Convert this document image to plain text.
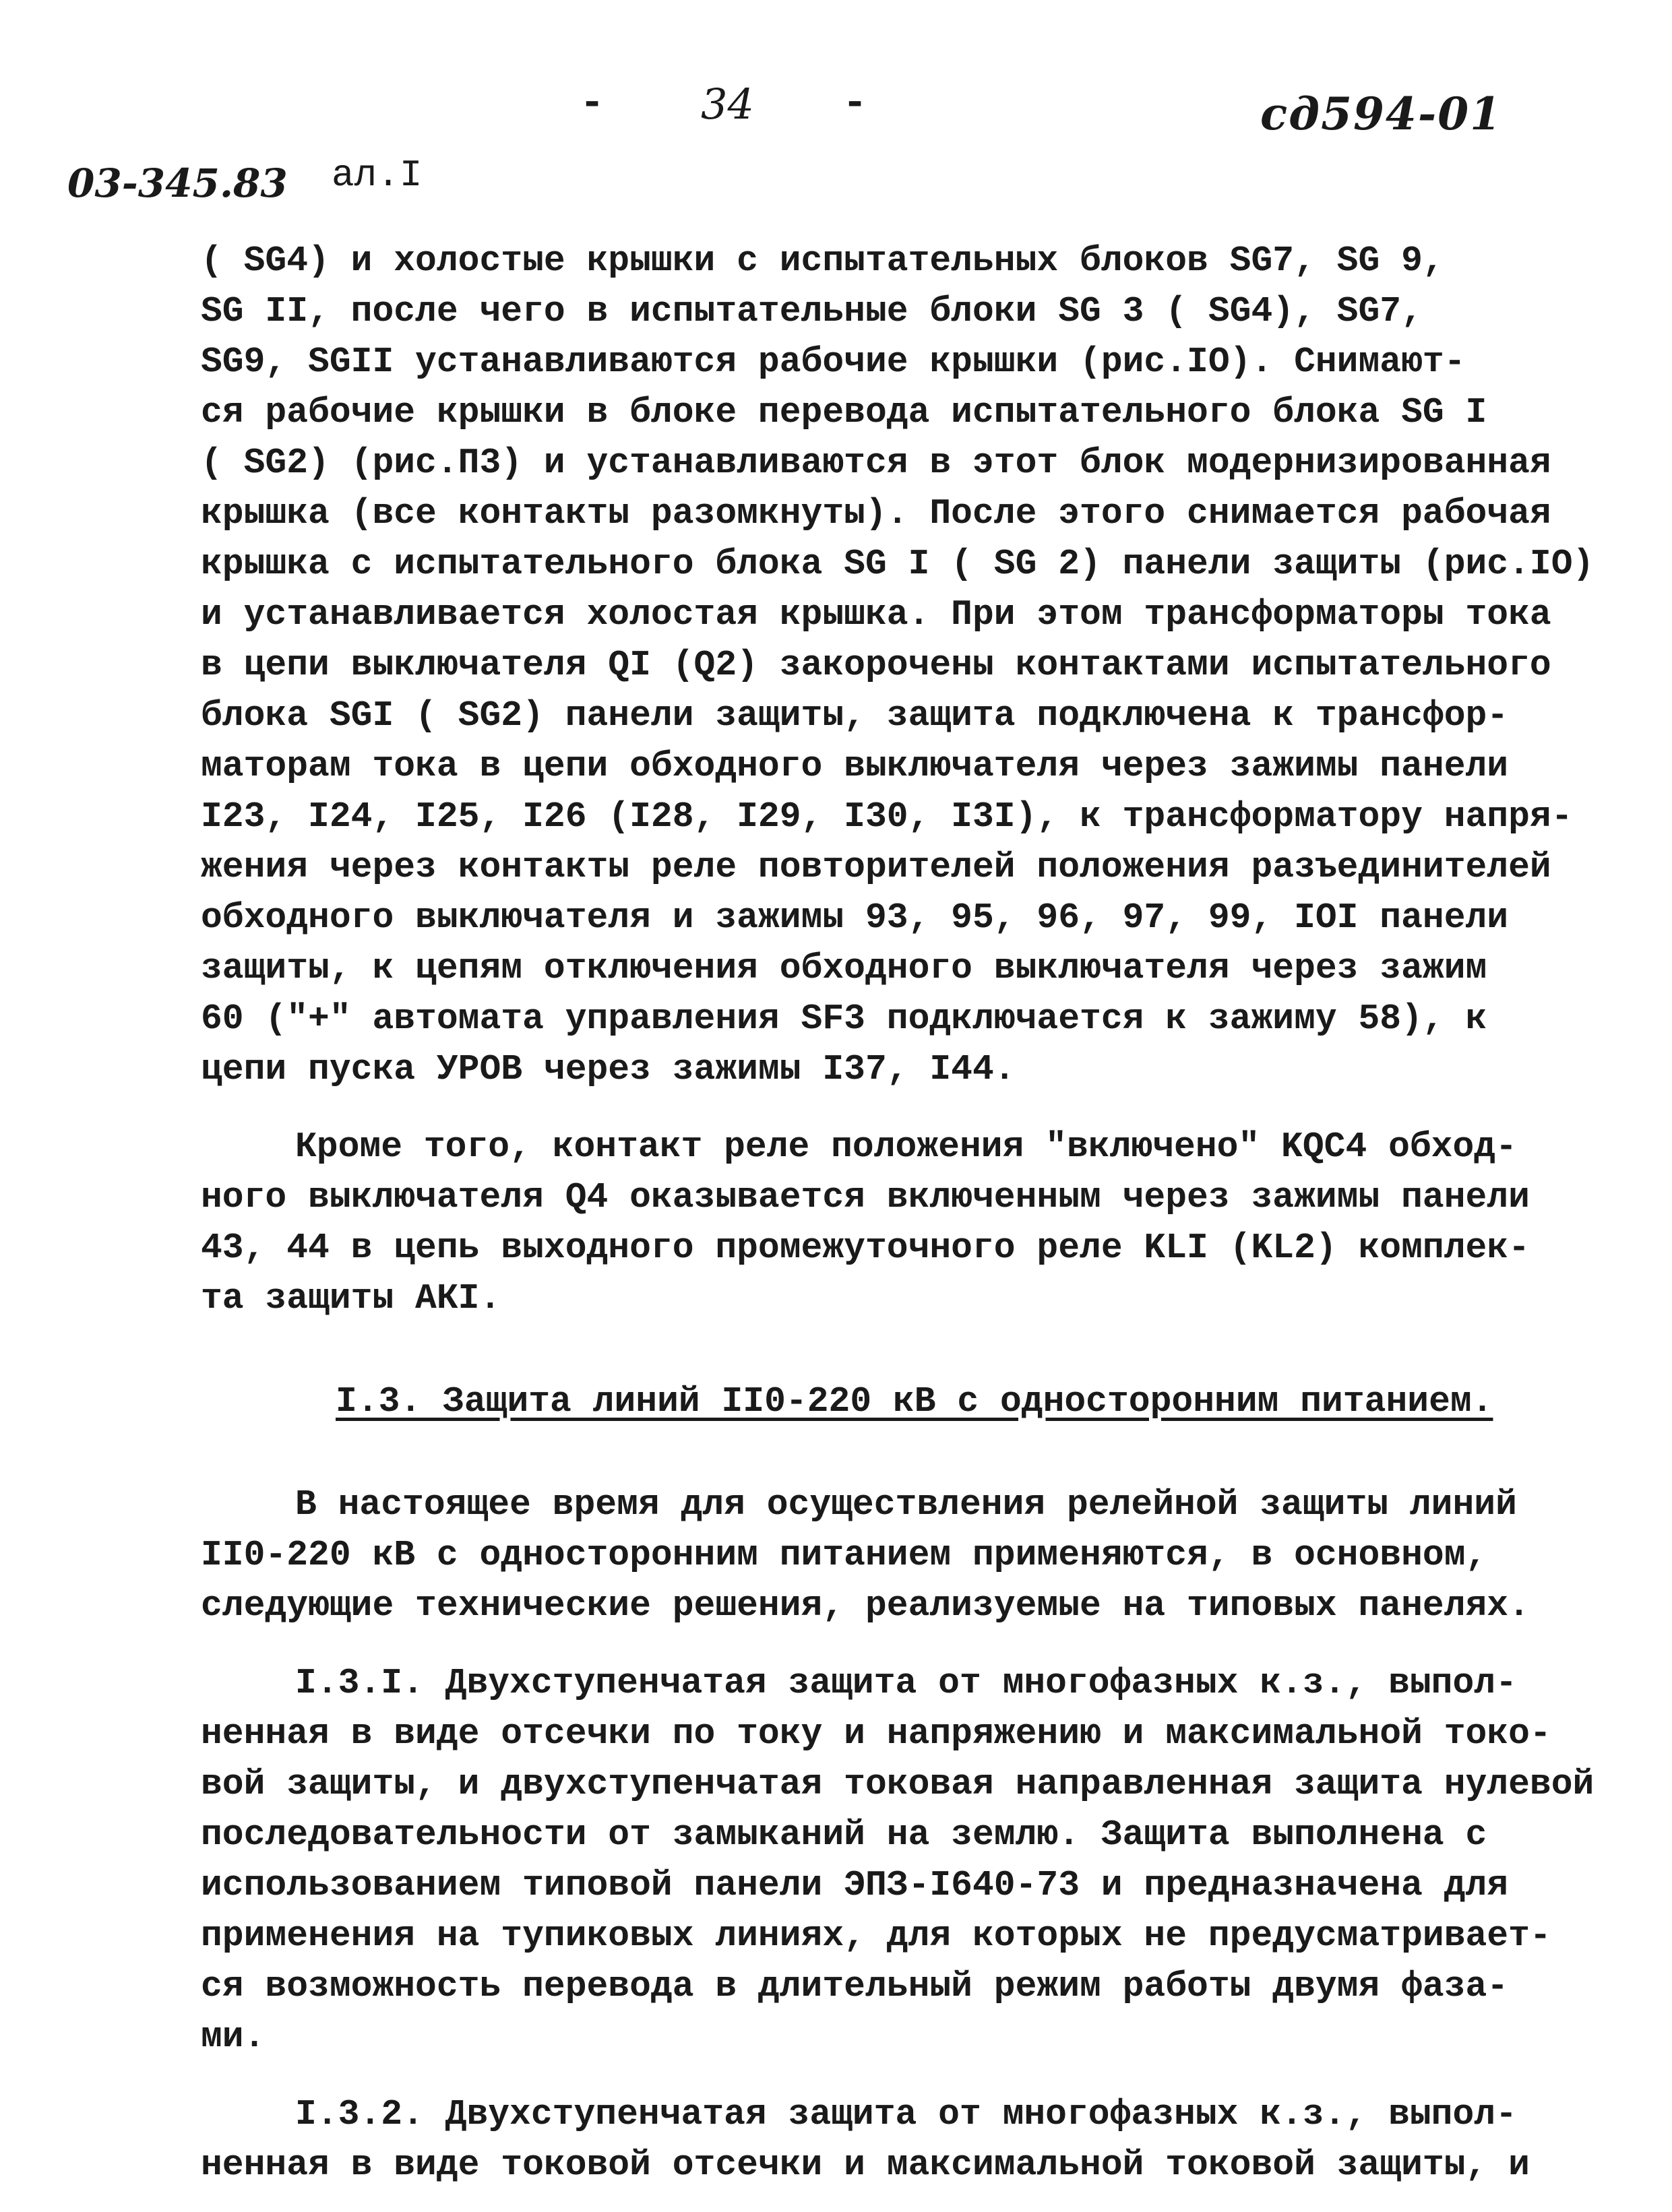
- 34 -	сд594-01
03-345.83 ал.I
( SG4) и холостые крышки с испытательных блоков SG7, SG 9,
SG II, после чего в испытательные блоки SG 3 ( SG4), SG7,
SG9, SGII устанавливаются рабочие крышки (рис.IO). Снимают-
ся рабочие крышки в блоке перевода испытательного блока SG I
( SG2) (рис.П3) и устанавливаются в этот блок модернизированная
крышка (все контакты разомкнуты). После этого снимается рабочая
крышка с испытательного блока SG I ( SG 2) панели защиты (рис.IO)
и устанавливается холостая крышка. При этом трансформаторы тока
в цепи выключателя QI (Q2) закорочены контактами испытательного
блока SGI ( SG2) панели защиты, защита подключена к трансфор-
маторам тока в цепи обходного выключателя через зажимы панели
I23, I24, I25, I26 (I28, I29, I30, I3I), к трансформатору напря-
жения через контакты реле повторителей положения разъединителей
обходного выключателя и зажимы 93, 95, 96, 97, 99, IOI панели
защиты, к цепям отключения обходного выключателя через зажим
60 ("+" автомата управления SF3 подключается к зажиму 58), к
цепи пуска УРОВ через зажимы I37, I44.
Кроме того, контакт реле положения "включено" KQC4 обход-
ного выключателя Q4 оказывается включенным через зажимы панели
43, 44 в цепь выходного промежуточного реле KLI (KL2) комплек-
та защиты АКI.
I.3. Защита линий II0-220 кВ с односторонним питанием.
В настоящее время для осуществления релейной защиты линий
II0-220 кВ с односторонним питанием применяются, в основном,
следующие технические решения, реализуемые на типовых панелях.
I.3.I. Двухступенчатая защита от многофазных к.з., выпол-
ненная в виде отсечки по току и напряжению и максимальной токо-
вой защиты, и двухступенчатая токовая направленная защита нулевой
последовательности от замыканий на землю. Защита выполнена с
использованием типовой панели ЭПЗ-I640-73 и предназначена для
применения на тупиковых линиях, для которых не предусматривает-
ся возможность перевода в длительный режим работы двумя фаза-
ми.
I.3.2. Двухступенчатая защита от многофазных к.з., выпол-
ненная в виде токовой отсечки и максимальной токовой защиты, и
